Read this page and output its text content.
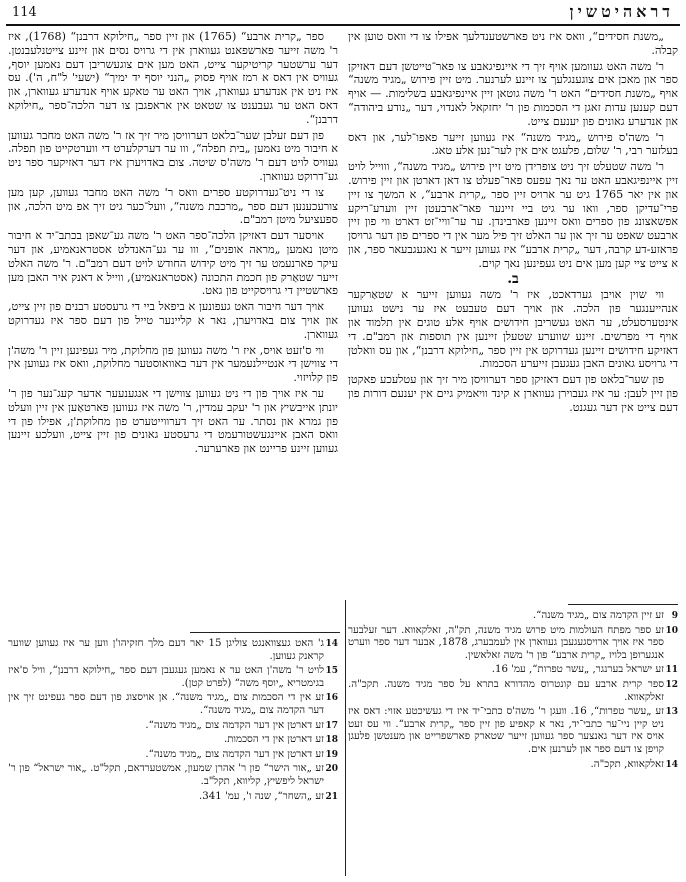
114	דראהיטשין

„משנת חסידים“, וואס איז ניט פארשטענדלעך אפילו צו די וואס טוען אין קבלה.

ר' משה האט געוומען אויף זיך די איינפיגאבע צו פאר־טייטשן דעם דאזיקן ספר און מאכן אים צוגענגלעך צו זיינע לערנער. מיט זיין פירוש „מגיד משנה“ אויף „משנת חסידים“ האט ר' משה גוטאן זיין איינפיגאבע בשלימות. — אויף דעם קענען עדות זאגן די הסכמות פון ר' יחזקאל לאנדוי, דער „נודע ביהודה“ און אנדערע גאונים פון יענעם צייט.

ר' משה'ס פירוש „מגיד משנה“ איז געווען זייער פאפו־לער, און דאס בעלזער רבי, ר' שלום, פלעגט אים אין לער־נען אלע טאג.

ר' משה שטעלט זיך ניט צופרידן מיט זיין פירוש „מגיד משנה“, וווייל לויט זיין איינפיגאבע האט ער נאך עפעס פאר־פעלט צו דאן דארטן און זיין פירוש. און אין יאר 1765 גיט ער ארויס זיין ספר „קרית ארבע“, א המשך צו זיין פרי־עדיקן ספר, וואו ער גיט ביי זיינער פאר־ארבעטן זיין ווערע־ריקע אפשאצונג פון ספרים וואס זיינען פארבינדן. ער ער־וויי־זט דארט ווי פון זיין ארבעט שאפט ער זיך און ער האלט זיך פיל מער אין די ספרים פון דער גרויסן פראזע-דע קרבה, דער „קרית ארבע“ איז געווען זייער א נאגעגבעאר ספר, און א צייט ציי קען מען אים ניט געפינען נאך קוים.

ב.

ווי שוין אויבן גערדאכט, איז ר' משה געווען זייער א שטאַרקער אנהייענגער פון הלכה. און אויך דעם טעבעט איז ער נישט געווען אינטערסעלט, ער האט געשריבן חידושים אויף אלע טוגים אין תלמוד און אויף די מפרשים. זיינע שווערע שטעלן זיינען אין תוספות און רמב"ם. די דאזיקע חידושים זיינען געדרוקט אין זיין ספר „חילוקא דרבנן“, און עס וואלטן די גרויסע גאונים האבן געגעבן זייערע הסכמות.

פון שער־בלאט פון דעם דאזיקן ספר דערוויסן מיר זיך און עטלעכע פאקטן פון זיין לעבן: ער איז געבוירן געווארן א קינד וויאמיק גיים אין יענעם דורות פון דעם צייט אין דער געגנט.

ספר „קרית ארבע“ (1765) און זיין ספר „חילוקא דרבנן“ (1768), איז ר' משה זייער פארשפאנט געווארן אין די גרויס נסים און זיינע צייטנלעבנטן. דער ערשטער קריטיקער צייט, האט מען אים צוגעשריבן דעם נאמען יוסף, געוויס אין דאס א רמז אויף פסוק „הנני יוסף יד ימיך“ (ישעי' ל"ח, ה'). עס איז ניט אין אנדערע געווארן, אויך האט ער טאקע אויף אנדערע געווארן, און דאס האט ער געבענט צו שטאט אין אראפגבן צו דער הלכה־ספר „חילוקא דרבנן“.

פון דעם זעלבן שער־בלאט דערוויסן מיר זיך אז ר' משה האט מחבר געווען א חיבור מיט נאמען „בית תפלה“, ווו ער דערקלערט די ווערטקייט פון תפלה. געוויס לויט דעם ר' משה'ס שיטה. צום באדויערן איז דער דאזיקער ספר ניט גע־דרוקט געווארן.

צו די ניט־געדרוקטע ספרים וואס ר' משה האט מחבר געווען, קען מען צורעכענען דעם ספר „מרכבת משנה“, וועל־כער גיט זיך אפ מיט הלכה, און ספעציעל מיטן רמב"ם.

אויסער דעם דאזיקן הלכה־ספר האט ר' משה גע־שאפן בכתב־יד א חיבור מיטן נאמען „מראה אופנים“, ווו ער גע־האנדלט אסטראנאמיע, און דער עיקר פארנעמט ער זיך מיט קידוש החודש לויט דעם רמב"ם. ר' משה האלט זייער שטאַרק פון חכמת התכונה (אסטראנאמיע), ווייל א דאנק איר האבן מען פארשטיין די גרויסקייט פון גאט.

אויך דער חיבור האט געפונען א ביפאל ביי די גרעסטע רבנים פון זיין צייט, און אויך צום באדויערן, נאר א קליינער טייל פון דעם ספר איז געדרוקט געווארן.

ווי ס'זעט אויס, איז ר' משה געווען פון מחלוקת, מיר געפינען זיין ר' משה'ן די צווישן די אנטיילנעמער אין דער באוואוסטער מחלוקת, וואס איז געווען אין פון קלויזוי.

ער איז אויך פון די ניט געווען צווישן די אנגענעער אדער קעג־נער פון ר' יונתן אייבשיץ און ר' יעקב עמדין, ר' משה איז געווען פארטאַען אין זיין וועלט פון גמרא און נסתר. ער האט זיך דערווייטערט פון מחלוקת'ן, אפילו פון די וואס האבן איינגעשטורעמט די גרעסטע גאונים פון זיין צייט, וועלכע זיינען געווען זיינע פריינט און פארערער.

9
זע זיין הקדמה צום „מגיד משנה“.
10
זע ספר מפתח העולמות מיט פרוש מגיד משנה, תק"ה, זאלקאווא. דער זעלבער ספר איז אויך ארויסגעגעבן געווארן אין לעמבערג, 1878, אבער דער ספר ווערט אנגערופן בלויז „קרית ארבע“ פון ר' משה זאלאשין.
11
זע ישראל בערנגר, „עשר טפרות“, עמ' 16.
12
ספר קרית ארבע עם קונטרוס מהדורא בתרא על ספר מגיד משנה. תקכ"ה. זאלקאווא.
13
זע „עשר טפרות“, 16. וועגן ר' משה'ס כתבי־יד איז די געשיכטע אזוי: דאס איז ניט קיין ניי־ער כתבי־יד, נאר א קאפיע פון זיין ספר „קרית ארבע“. ווי עס זעט אויס איז דער גאנצער ספר געווען זייער שטארק פארשפרייט און מענטשן פלעגן קויפן צו דעם ספר און לערנען אים.
14
זאלקאווא, תקכ"ה.
14
ג' האט געצוואנגט צוליגן 15 יאר דעם מלך חזקיהו'ן ווען ער איז געווען שווער קראנק געווען.
15
לויט ר' משה'ן האט ער א נאמען געגעבן דעם ספר „חילוקא דרבנן“, וויל ס'איז בגימטריא „יוסף משה“ (לפרט קטן).
16
זע אין די הסכמות צום „מגיד משנה“. אן אויסצוג פון דעם ספר געפינט זיך אין דער הקדמה צום „מגיד משנה“.
17
זע דארטן אין דער הקדמה צום „מגיד משנה“.
18
זע דארטן אין די הסכמות.
19
זע דארטן אין דער הקדמה צום „מגיד משנה“.
20
זע „אור הישר“ פון ר' אהרן שמעון, אמשטערדאם, תקל"ט. „אור ישראל“ פון ר' ישראל ליפשיץ, קליווא, תקל"ב.
21
זע „השחר“, שנה ו', עמ' 341.
